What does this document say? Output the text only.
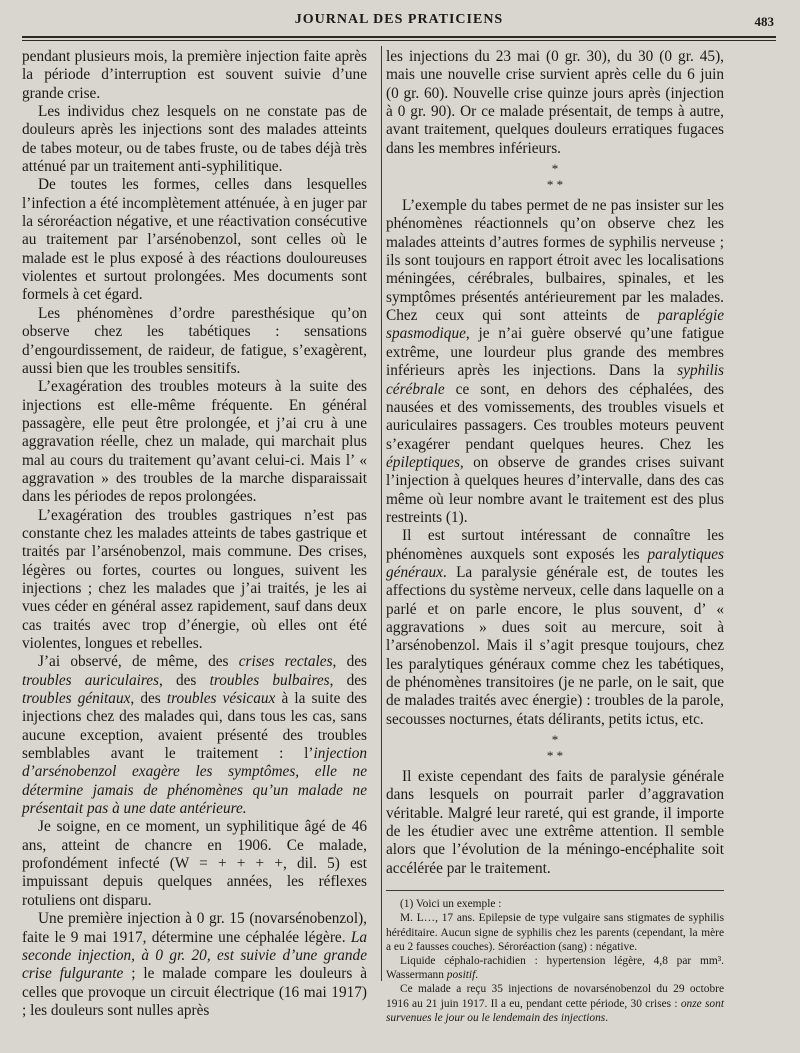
JOURNAL DES PRATICIENS	483

pendant plusieurs mois, la première injection faite après la période d’interruption est souvent suivie d’une grande crise.

Les individus chez lesquels on ne constate pas de douleurs après les injections sont des malades atteints de tabes moteur, ou de tabes fruste, ou de tabes déjà très atténué par un traitement anti-syphilitique.

De toutes les formes, celles dans lesquelles l’infection a été incomplètement atténuée, à en juger par la séroréaction négative, et une réactivation consécutive au traitement par l’arsénobenzol, sont celles où le malade est le plus exposé à des réactions douloureuses violentes et surtout prolongées. Mes documents sont formels à cet égard.

Les phénomènes d’ordre paresthésique qu’on observe chez les tabétiques : sensations d’engourdissement, de raideur, de fatigue, s’exagèrent, aussi bien que les troubles sensitifs.

L’exagération des troubles moteurs à la suite des injections est elle-même fréquente. En général passagère, elle peut être prolongée, et j’ai cru à une aggravation réelle, chez un malade, qui marchait plus mal au cours du traitement qu’avant celui-ci. Mais l’ « aggravation » des troubles de la marche disparaissait dans les périodes de repos prolongées.

L’exagération des troubles gastriques n’est pas constante chez les malades atteints de tabes gastrique et traités par l’arsénobenzol, mais commune. Des crises, légères ou fortes, courtes ou longues, suivent les injections ; chez les malades que j’ai traités, je les ai vues céder en général assez rapidement, sauf dans deux cas traités avec trop d’énergie, où elles ont été violentes, longues et rebelles.

J’ai observé, de même, des crises rectales, des troubles auriculaires, des troubles bulbaires, des troubles génitaux, des troubles vésicaux à la suite des injections chez des malades qui, dans tous les cas, sans aucune exception, avaient présenté des troubles semblables avant le traitement : l’injection d’arsénobenzol exagère les symptômes, elle ne détermine jamais de phénomènes qu’un malade ne présentait pas à une date antérieure.

Je soigne, en ce moment, un syphilitique âgé de 46 ans, atteint de chancre en 1906. Ce malade, profondément infecté (W = + + + +, dil. 5) est impuissant depuis quelques années, les réflexes rotuliens ont disparu.

Une première injection à 0 gr. 15 (novarsénobenzol), faite le 9 mai 1917, détermine une céphalée légère. La seconde injection, à 0 gr. 20, est suivie d’une grande crise fulgurante ; le malade compare les douleurs à celles que provoque un circuit électrique (16 mai 1917) ; les douleurs sont nulles après

les injections du 23 mai (0 gr. 30), du 30 (0 gr. 45), mais une nouvelle crise survient après celle du 6 juin (0 gr. 60). Nouvelle crise quinze jours après (injection à 0 gr. 90). Or ce malade présentait, de temps à autre, avant traitement, quelques douleurs erratiques fugaces dans les membres inférieurs.

*
* *

L’exemple du tabes permet de ne pas insister sur les phénomènes réactionnels qu’on observe chez les malades atteints d’autres formes de syphilis nerveuse ; ils sont toujours en rapport étroit avec les localisations méningées, cérébrales, bulbaires, spinales, et les symptômes présentés antérieurement par les malades. Chez ceux qui sont atteints de paraplégie spasmodique, je n’ai guère observé qu’une fatigue extrême, une lourdeur plus grande des membres inférieurs après les injections. Dans la syphilis cérébrale ce sont, en dehors des céphalées, des nausées et des vomissements, des troubles visuels et auriculaires passagers. Ces troubles moteurs peuvent s’exagérer pendant quelques heures. Chez les épileptiques, on observe de grandes crises suivant l’injection à quelques heures d’intervalle, dans des cas même où leur nombre avant le traitement est des plus restreints (1).

Il est surtout intéressant de connaître les phénomènes auxquels sont exposés les paralytiques généraux. La paralysie générale est, de toutes les affections du système nerveux, celle dans laquelle on a parlé et on parle encore, le plus souvent, d’ « aggravations » dues soit au mercure, soit à l’arsénobenzol. Mais il s’agit presque toujours, chez les paralytiques généraux comme chez les tabétiques, de phénomènes transitoires (je ne parle, on le sait, que de malades traités avec énergie) : troubles de la parole, secousses nocturnes, états délirants, petits ictus, etc.

*
* *

Il existe cependant des faits de paralysie générale dans lesquels on pourrait parler d’aggravation véritable. Malgré leur rareté, qui est grande, il importe de les étudier avec une extrême attention. Il semble alors que l’évolution de la méningo-encéphalite soit accélérée par le traitement.

(1) Voici un exemple :

M. L…, 17 ans. Epilepsie de type vulgaire sans stigmates de syphilis héréditaire. Aucun signe de syphilis chez les parents (cependant, la mère a eu 2 fausses couches). Séroréaction (sang) : négative.

Liquide céphalo-rachidien : hypertension légère, 4,8 par mm³. Wassermann positif.

Ce malade a reçu 35 injections de novarsénobenzol du 29 octobre 1916 au 21 juin 1917. Il a eu, pendant cette période, 30 crises : onze sont survenues le jour ou le lendemain des injections.
